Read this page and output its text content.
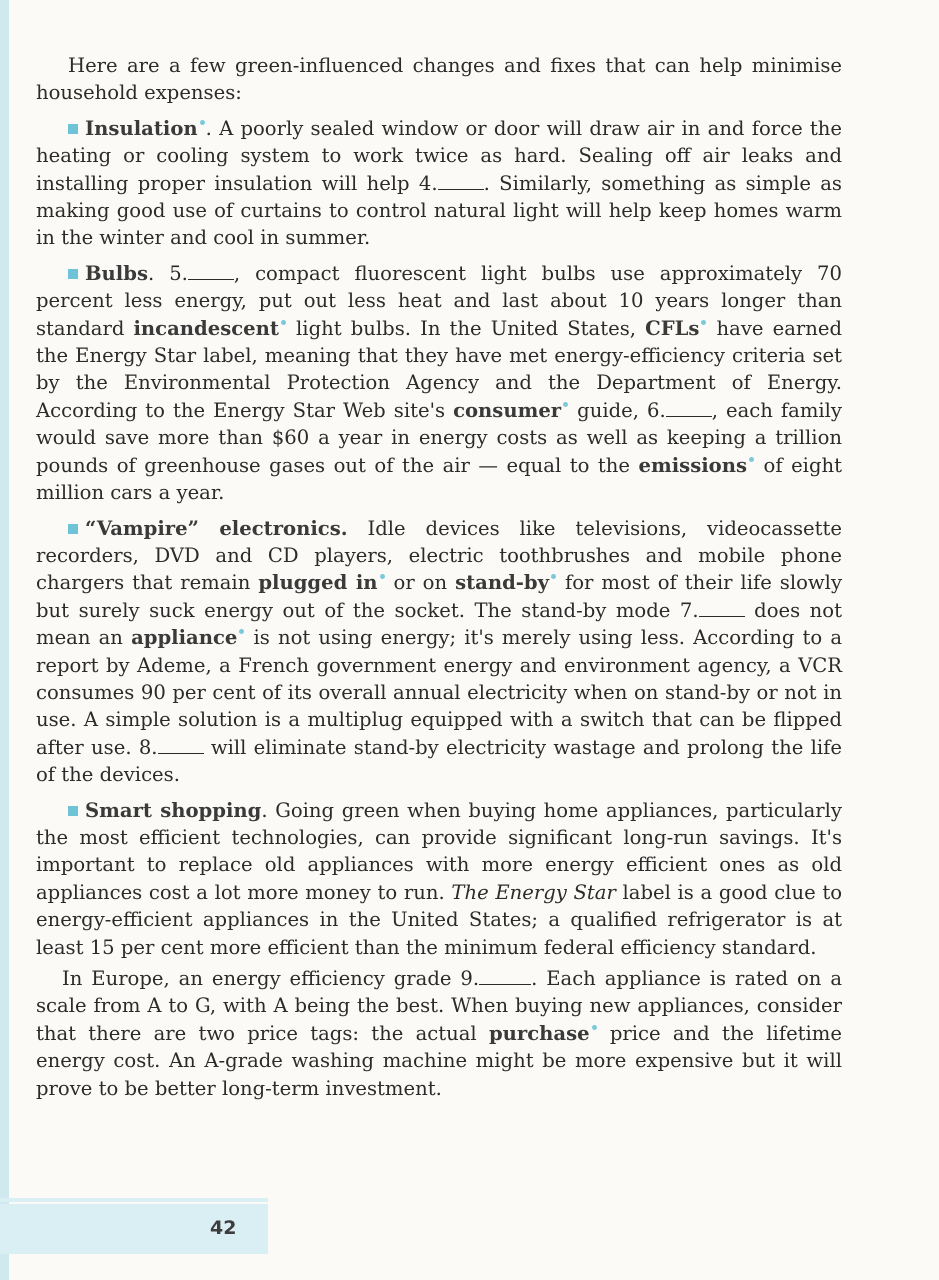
Here are a few green-influenced changes and fixes that can help minimise household expenses:

Insulation . A poorly sealed window or door will draw air in and force the heating or cooling system to work twice as hard. Sealing off air leaks and installing proper insulation will help 4. . Similarly, something as simple as making good use of curtains to control natural light will help keep homes warm in the winter and cool in summer.

Bulbs. 5. , compact fluorescent light bulbs use approximately 70 percent less energy, put out less heat and last about 10 years longer than standard incandescent light bulbs. In the United States, CFLs have earned the Energy Star label, meaning that they have met energy-efficiency criteria set by the Environmental Protection Agency and the Department of Energy. According to the Energy Star Web site's consumer guide, 6. , each family would save more than $60 a year in energy costs as well as keeping a trillion pounds of greenhouse gases out of the air — equal to the emissions of eight million cars a year.

“Vampire” electronics. Idle devices like televisions, videocassette recorders, DVD and CD players, electric toothbrushes and mobile phone chargers that remain plugged in or on stand-by for most of their life slowly but surely suck energy out of the socket. The stand-by mode 7. does not mean an appliance is not using energy; it's merely using less. According to a report by Ademe, a French government energy and environment agency, a VCR consumes 90 per cent of its overall annual electricity when on stand-by or not in use. A simple solution is a multiplug equipped with a switch that can be flipped after use. 8. will eliminate stand-by electricity wastage and prolong the life of the devices.

Smart shopping. Going green when buying home appliances, particularly the most efficient technologies, can provide significant long-run savings. It's important to replace old appliances with more energy efficient ones as old appliances cost a lot more money to run. The Energy Star label is a good clue to energy-efficient appliances in the United States; a qualified refrigerator is at least 15 per cent more efficient than the minimum federal efficiency standard.

In Europe, an energy efficiency grade 9.	. Each appliance is rated on a scale from A to G, with A being the best. When buying new appliances, consider that there are two price tags: the actual purchase price and the lifetime energy cost. An A-grade washing machine might be more expensive but it will prove to be better long-term investment.

42
